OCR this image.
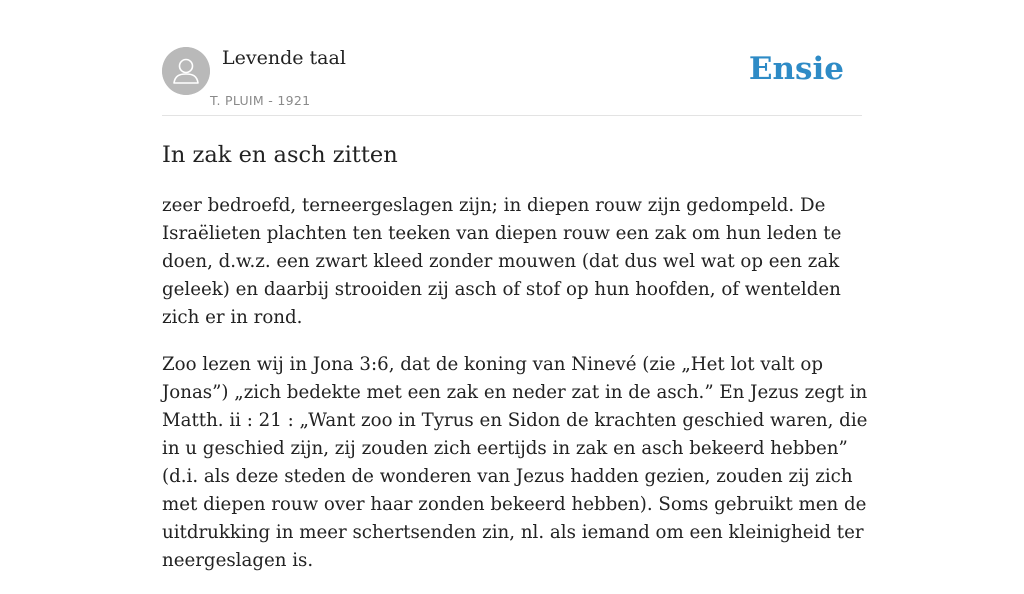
Levende taal
T. PLUIM - 1921
Ensie
In zak en asch zitten

zeer bedroefd, terneergeslagen zijn; in diepen rouw zijn gedompeld. De Israëlieten plachten ten teeken van diepen rouw een zak om hun leden te doen, d.w.z. een zwart kleed zonder mouwen (dat dus wel wat op een zak geleek) en daarbij strooiden zij asch of stof op hun hoofden, of wentelden zich er in rond.

Zoo lezen wij in Jona 3:6, dat de koning van Ninevé (zie „Het lot valt op Jonas”) „zich bedekte met een zak en neder zat in de asch.” En Jezus zegt in Matth. ii : 21 : „Want zoo in Tyrus en Sidon de krachten geschied waren, die in u geschied zijn, zij zouden zich eertijds in zak en asch bekeerd hebben” (d.i. als deze steden de wonderen van Jezus hadden gezien, zouden zij zich met diepen rouw over haar zonden bekeerd hebben). Soms gebruikt men de uitdrukking in meer schertsenden zin, nl. als iemand om een kleinigheid ter neergeslagen is.
